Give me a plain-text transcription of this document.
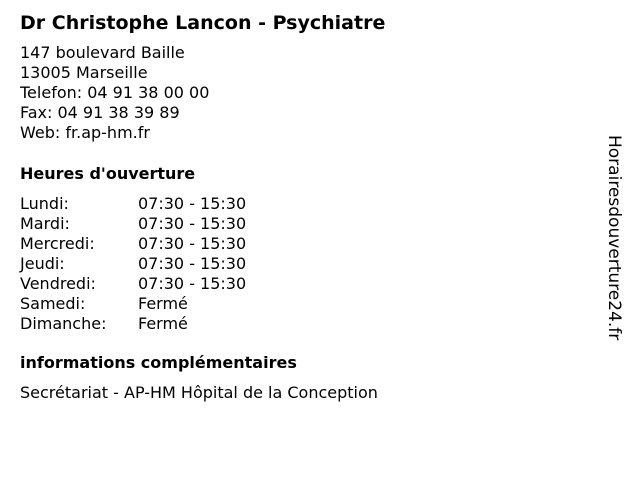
Dr Christophe Lancon - Psychiatre
147 boulevard Baille
13005 Marseille
Telefon: 04 91 38 00 00
Fax: 04 91 38 39 89
Web: fr.ap-hm.fr
Heures d'ouverture
Lundi:	07:30 - 15:30
Mardi:	07:30 - 15:30
Mercredi:	07:30 - 15:30
Jeudi:	07:30 - 15:30
Vendredi:	07:30 - 15:30
Samedi:	Fermé
Dimanche:	Fermé
informations complémentaires
Secrétariat - AP-HM Hôpital de la Conception
Horairesdouverture24.fr
